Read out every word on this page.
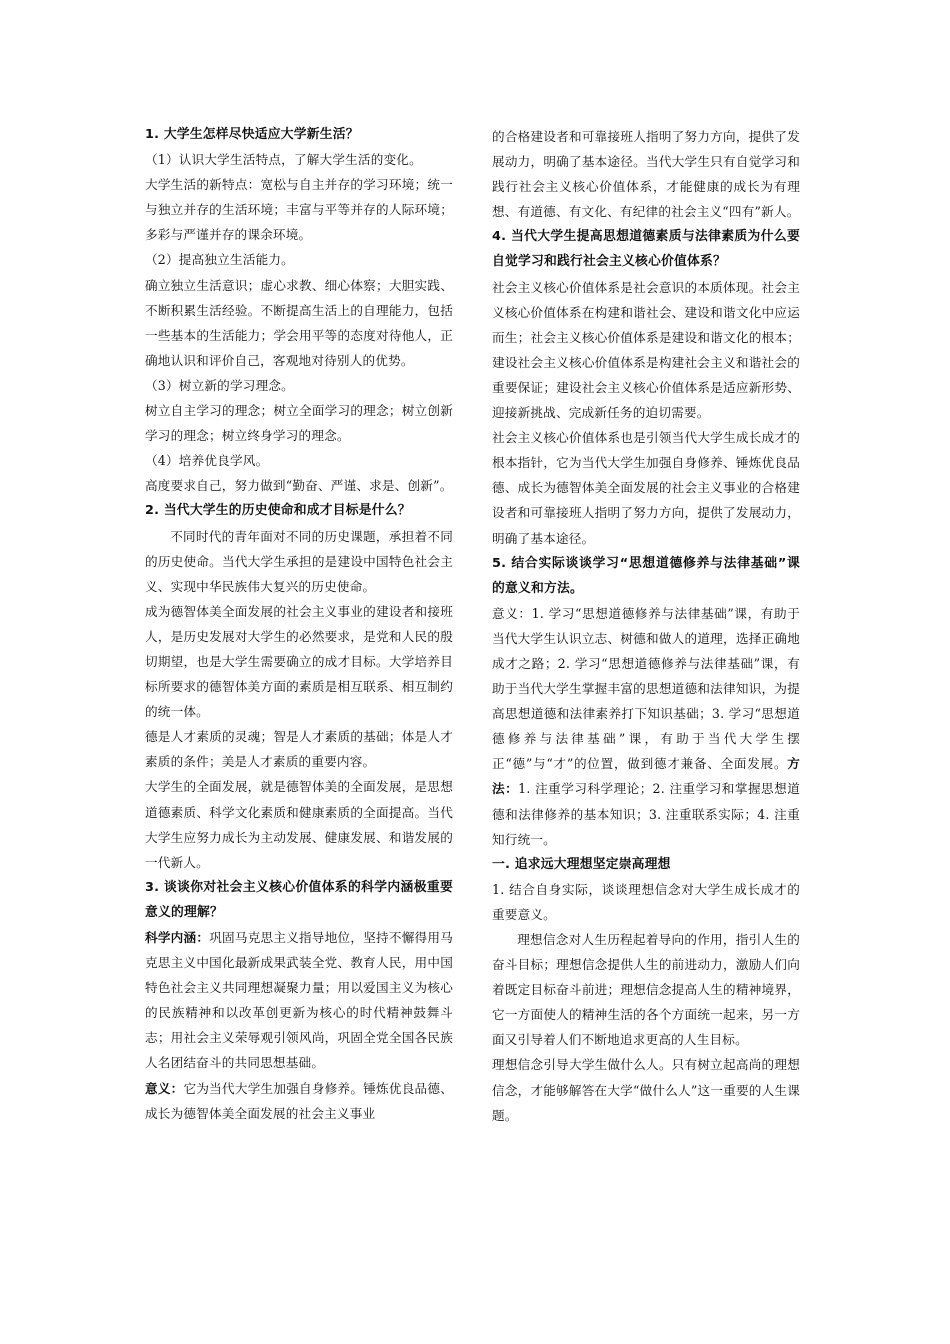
1. 大学生怎样尽快适应大学新生活？

（1）认识大学生活特点，了解大学生活的变化。

大学生活的新特点：宽松与自主并存的学习环境；统一与独立并存的生活环境；丰富与平等并存的人际环境；多彩与严谨并存的课余环境。

（2）提高独立生活能力。

确立独立生活意识；虚心求教、细心体察；大胆实践、不断积累生活经验。不断提高生活上的自理能力，包括一些基本的生活能力；学会用平等的态度对待他人，正确地认识和评价自己，客观地对待别人的优势。

（3）树立新的学习理念。

树立自主学习的理念；树立全面学习的理念；树立创新学习的理念；树立终身学习的理念。

（4）培养优良学风。

高度要求自己，努力做到“勤奋、严谨、求是、创新”。

2. 当代大学生的历史使命和成才目标是什么？

不同时代的青年面对不同的历史课题，承担着不同的历史使命。当代大学生承担的是建设中国特色社会主义、实现中华民族伟大复兴的历史使命。

成为德智体美全面发展的社会主义事业的建设者和接班人，是历史发展对大学生的必然要求，是党和人民的殷切期望，也是大学生需要确立的成才目标。大学培养目标所要求的德智体美方面的素质是相互联系、相互制约的统一体。

德是人才素质的灵魂；智是人才素质的基础；体是人才素质的条件；美是人才素质的重要内容。

大学生的全面发展，就是德智体美的全面发展，是思想道德素质、科学文化素质和健康素质的全面提高。当代大学生应努力成长为主动发展、健康发展、和谐发展的一代新人。

3. 谈谈你对社会主义核心价值体系的科学内涵极重要意义的理解？

科学内涵：巩固马克思主义指导地位，坚持不懈得用马克思主义中国化最新成果武装全党、教育人民，用中国特色社会主义共同理想凝聚力量；用以爱国主义为核心的民族精神和以改革创更新为核心的时代精神鼓舞斗志；用社会主义荣辱观引领风尚，巩固全党全国各民族人名团结奋斗的共同思想基础。

意义：它为当代大学生加强自身修养。锤炼优良品德、成长为德智体美全面发展的社会主义事业

的合格建设者和可靠接班人指明了努力方向，提供了发展动力，明确了基本途径。当代大学生只有自觉学习和践行社会主义核心价值体系，才能健康的成长为有理想、有道德、有文化、有纪律的社会主义“四有”新人。

4. 当代大学生提高思想道德素质与法律素质为什么要自觉学习和践行社会主义核心价值体系？

社会主义核心价值体系是社会意识的本质体现。社会主义核心价值体系在构建和谐社会、建设和谐文化中应运而生；社会主义核心价值体系是建设和谐文化的根本；建设社会主义核心价值体系是构建社会主义和谐社会的重要保证；建设社会主义核心价值体系是适应新形势、迎接新挑战、完成新任务的迫切需要。

社会主义核心价值体系也是引领当代大学生成长成才的根本指针，它为当代大学生加强自身修养、锤炼优良品德、成长为德智体美全面发展的社会主义事业的合格建设者和可靠接班人指明了努力方向，提供了发展动力，明确了基本途径。

5. 结合实际谈谈学习“思想道德修养与法律基础”课的意义和方法。

意义：1. 学习“思想道德修养与法律基础”课，有助于当代大学生认识立志、树德和做人的道理，选择正确地成才之路；2. 学习“思想道德修养与法律基础”课，有助于当代大学生掌握丰富的思想道德和法律知识，为提高思想道德和法律素养打下知识基础；3. 学习“思想道德修养与法律基础”课，有助于当代大学生摆正“德”与“才”的位置，做到德才兼备、全面发展。方法：1. 注重学习科学理论；2. 注重学习和掌握思想道德和法律修养的基本知识；3. 注重联系实际；4. 注重知行统一。

一. 追求远大理想坚定崇高理想

1. 结合自身实际，谈谈理想信念对大学生成长成才的重要意义。

理想信念对人生历程起着导向的作用，指引人生的奋斗目标；理想信念提供人生的前进动力，激励人们向着既定目标奋斗前进；理想信念提高人生的精神境界，它一方面使人的精神生活的各个方面统一起来，另一方面又引导着人们不断地追求更高的人生目标。

理想信念引导大学生做什么人。只有树立起高尚的理想信念，才能够解答在大学“做什么人”这一重要的人生课题。
